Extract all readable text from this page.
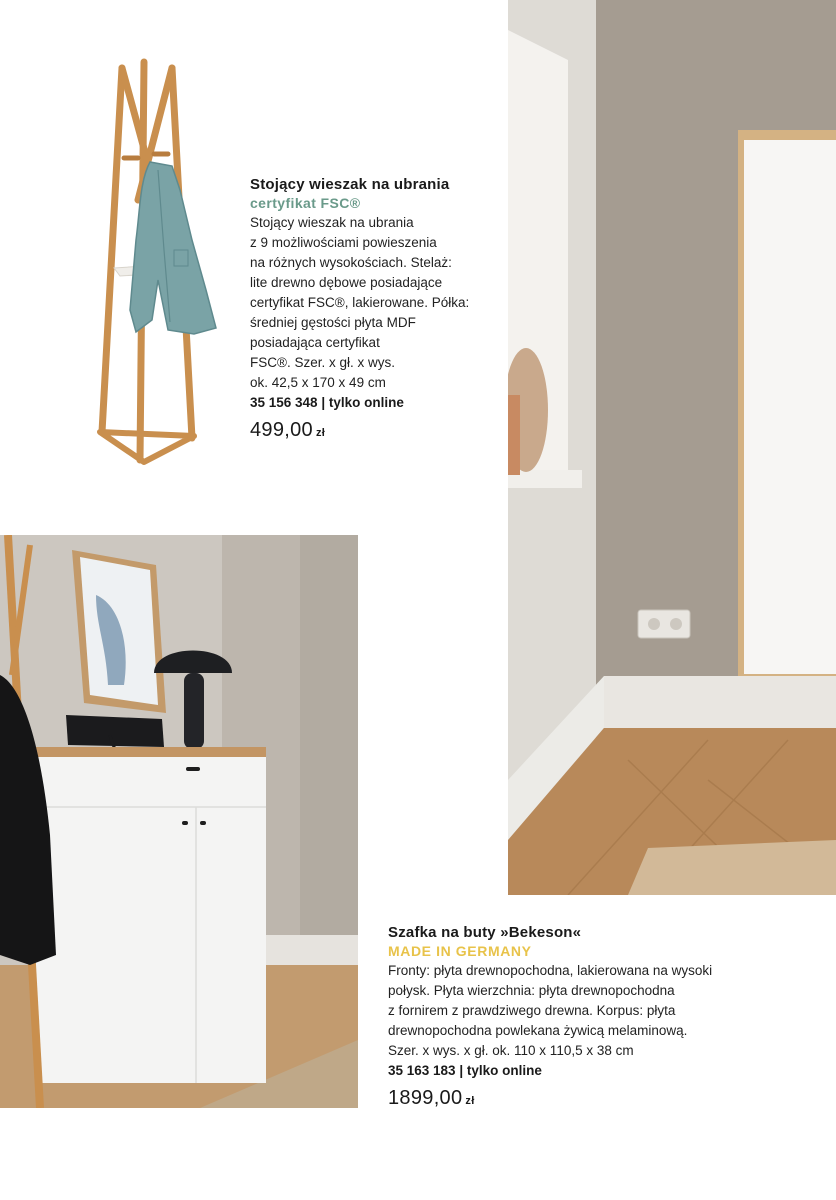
Stojący wieszak na ubrania
certyfikat FSC®
Stojący wieszak na ubrania
z 9 możliwościami powieszenia
na różnych wysokościach. Stelaż:
lite drewno dębowe posiadające
certyfikat FSC®, lakierowane. Półka:
średniej gęstości płyta MDF
posiadająca certyfikat
FSC®. Szer. x gł. x wys.
ok. 42,5 x 170 x 49 cm
35 156 348 | tylko online
499,00 zł
Szafka na buty »Bekeson«
MADE IN GERMANY
Fronty: płyta drewnopochodna, lakierowana na wysoki
połysk. Płyta wierzchnia: płyta drewnopochodna
z fornirem z prawdziwego drewna. Korpus: płyta
drewnopochodna powlekana żywicą melaminową.
Szer. x wys. x gł. ok. 110 x 110,5 x 38 cm
35 163 183 | tylko online
1899,00 zł
